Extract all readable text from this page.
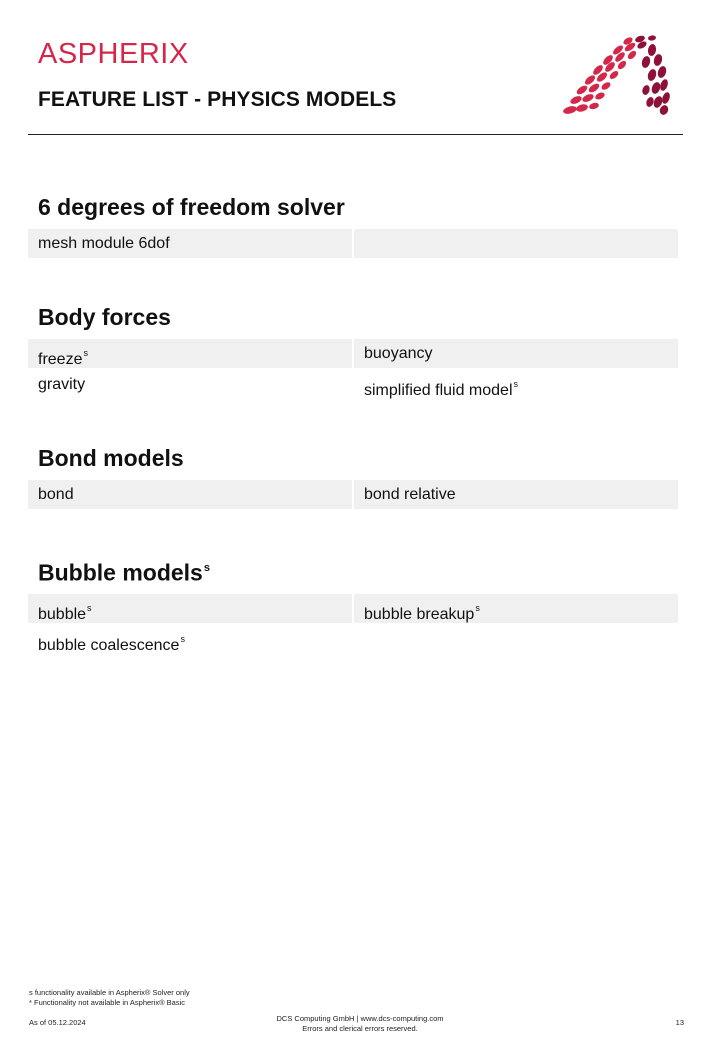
ASPHERIX
FEATURE LIST - PHYSICS MODELS
6 degrees of freedom solver
mesh module 6dof
Body forces
freeze$^s$	buoyancy
gravity	simplified fluid model$^s$
Bond models
bond	bond relative
Bubble models$^s$
bubble$^s$	bubble breakup$^s$
bubble coalescence$^s$
s functionality available in Aspherix® Solver only
* Functionality not available in Aspherix® Basic
As of 05.12.2024	DCS Computing GmbH | www.dcs-computing.com
Errors and clerical errors reserved.
13
